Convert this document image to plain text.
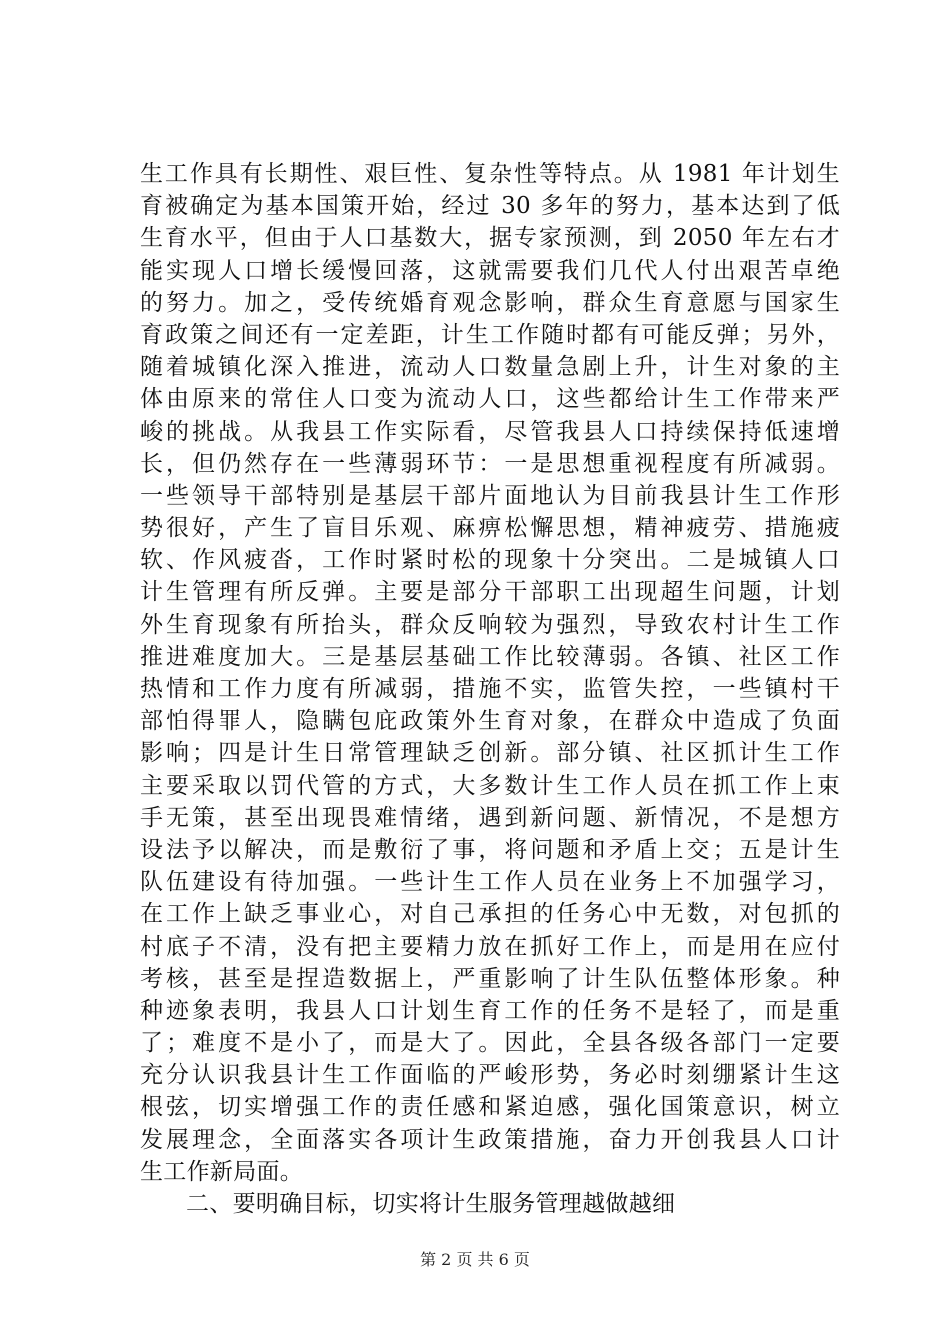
生工作具有长期性、艰巨性、复杂性等特点。从 1981 年计划生
育被确定为基本国策开始，经过 30 多年的努力，基本达到了低
生育水平，但由于人口基数大，据专家预测，到 2050 年左右才
能实现人口增长缓慢回落，这就需要我们几代人付出艰苦卓绝
的努力。加之，受传统婚育观念影响，群众生育意愿与国家生
育政策之间还有一定差距，计生工作随时都有可能反弹；另外，
随着城镇化深入推进，流动人口数量急剧上升，计生对象的主
体由原来的常住人口变为流动人口，这些都给计生工作带来严
峻的挑战。从我县工作实际看，尽管我县人口持续保持低速增
长，但仍然存在一些薄弱环节：一是思想重视程度有所减弱。
一些领导干部特别是基层干部片面地认为目前我县计生工作形
势很好，产生了盲目乐观、麻痹松懈思想，精神疲劳、措施疲
软、作风疲沓，工作时紧时松的现象十分突出。二是城镇人口
计生管理有所反弹。主要是部分干部职工出现超生问题，计划
外生育现象有所抬头，群众反响较为强烈，导致农村计生工作
推进难度加大。三是基层基础工作比较薄弱。各镇、社区工作
热情和工作力度有所减弱，措施不实，监管失控，一些镇村干
部怕得罪人，隐瞒包庇政策外生育对象，在群众中造成了负面
影响；四是计生日常管理缺乏创新。部分镇、社区抓计生工作
主要采取以罚代管的方式，大多数计生工作人员在抓工作上束
手无策，甚至出现畏难情绪，遇到新问题、新情况，不是想方
设法予以解决，而是敷衍了事，将问题和矛盾上交；五是计生
队伍建设有待加强。一些计生工作人员在业务上不加强学习，
在工作上缺乏事业心，对自己承担的任务心中无数，对包抓的
村底子不清，没有把主要精力放在抓好工作上，而是用在应付
考核，甚至是捏造数据上，严重影响了计生队伍整体形象。种
种迹象表明，我县人口计划生育工作的任务不是轻了，而是重
了；难度不是小了，而是大了。因此，全县各级各部门一定要
充分认识我县计生工作面临的严峻形势，务必时刻绷紧计生这
根弦，切实增强工作的责任感和紧迫感，强化国策意识，树立
发展理念，全面落实各项计生政策措施，奋力开创我县人口计
生工作新局面。
二、要明确目标，切实将计生服务管理越做越细
第 2 页 共 6 页
